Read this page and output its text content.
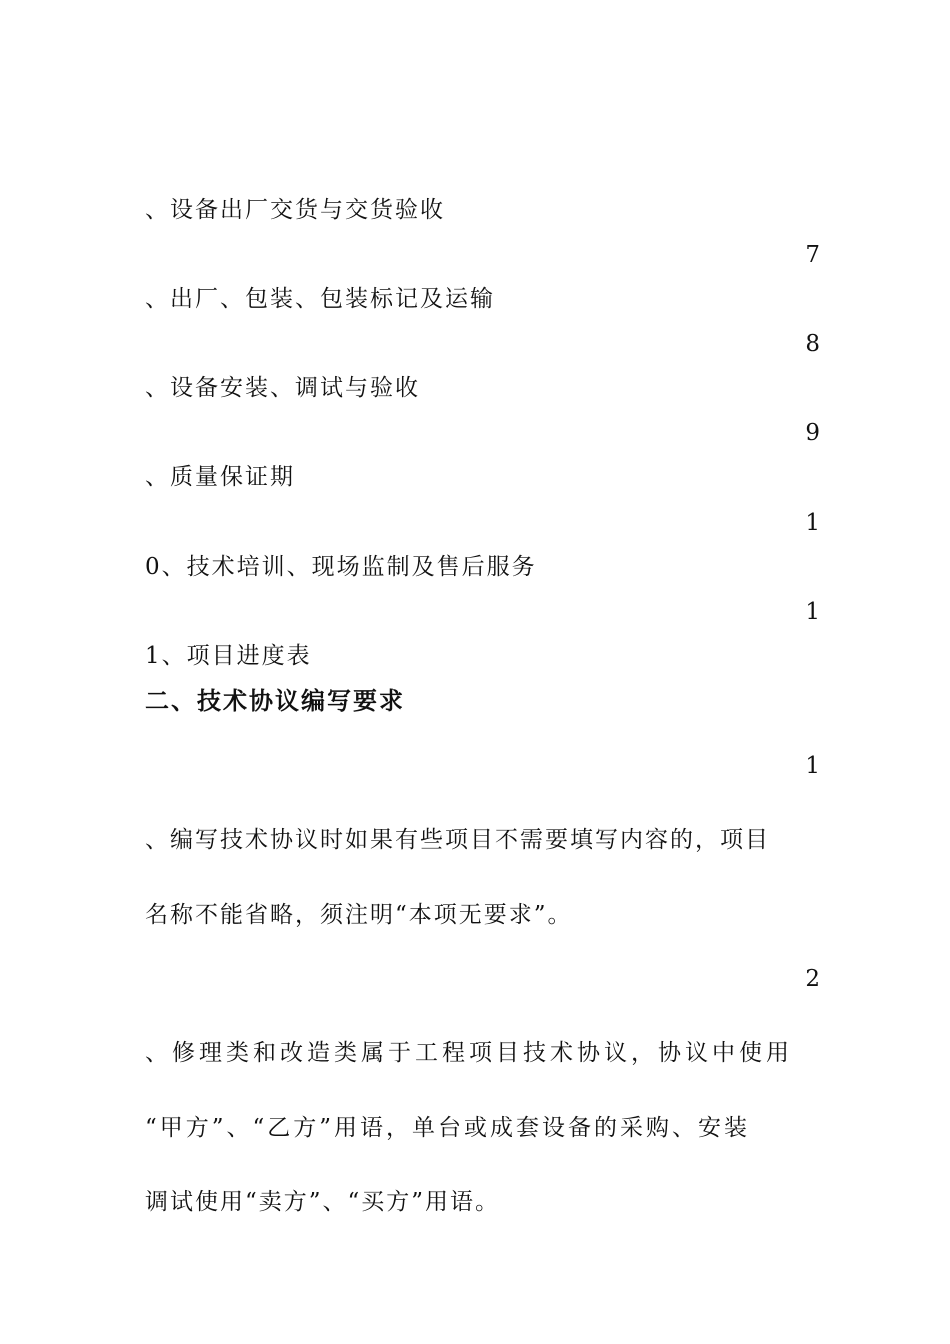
、设备出厂交货与交货验收
7
、出厂、包装、包装标记及运输
8
、设备安装、调试与验收
9
、质量保证期
1
0、技术培训、现场监制及售后服务
1
1、项目进度表
二、技术协议编写要求
1
、编写技术协议时如果有些项目不需要填写内容的，项目
名称不能省略，须注明“本项无要求”。
2
、修理类和改造类属于工程项目技术协议，协议中使用
“甲方”、“乙方”用语，单台或成套设备的采购、安装
调试使用“卖方”、“买方”用语。
